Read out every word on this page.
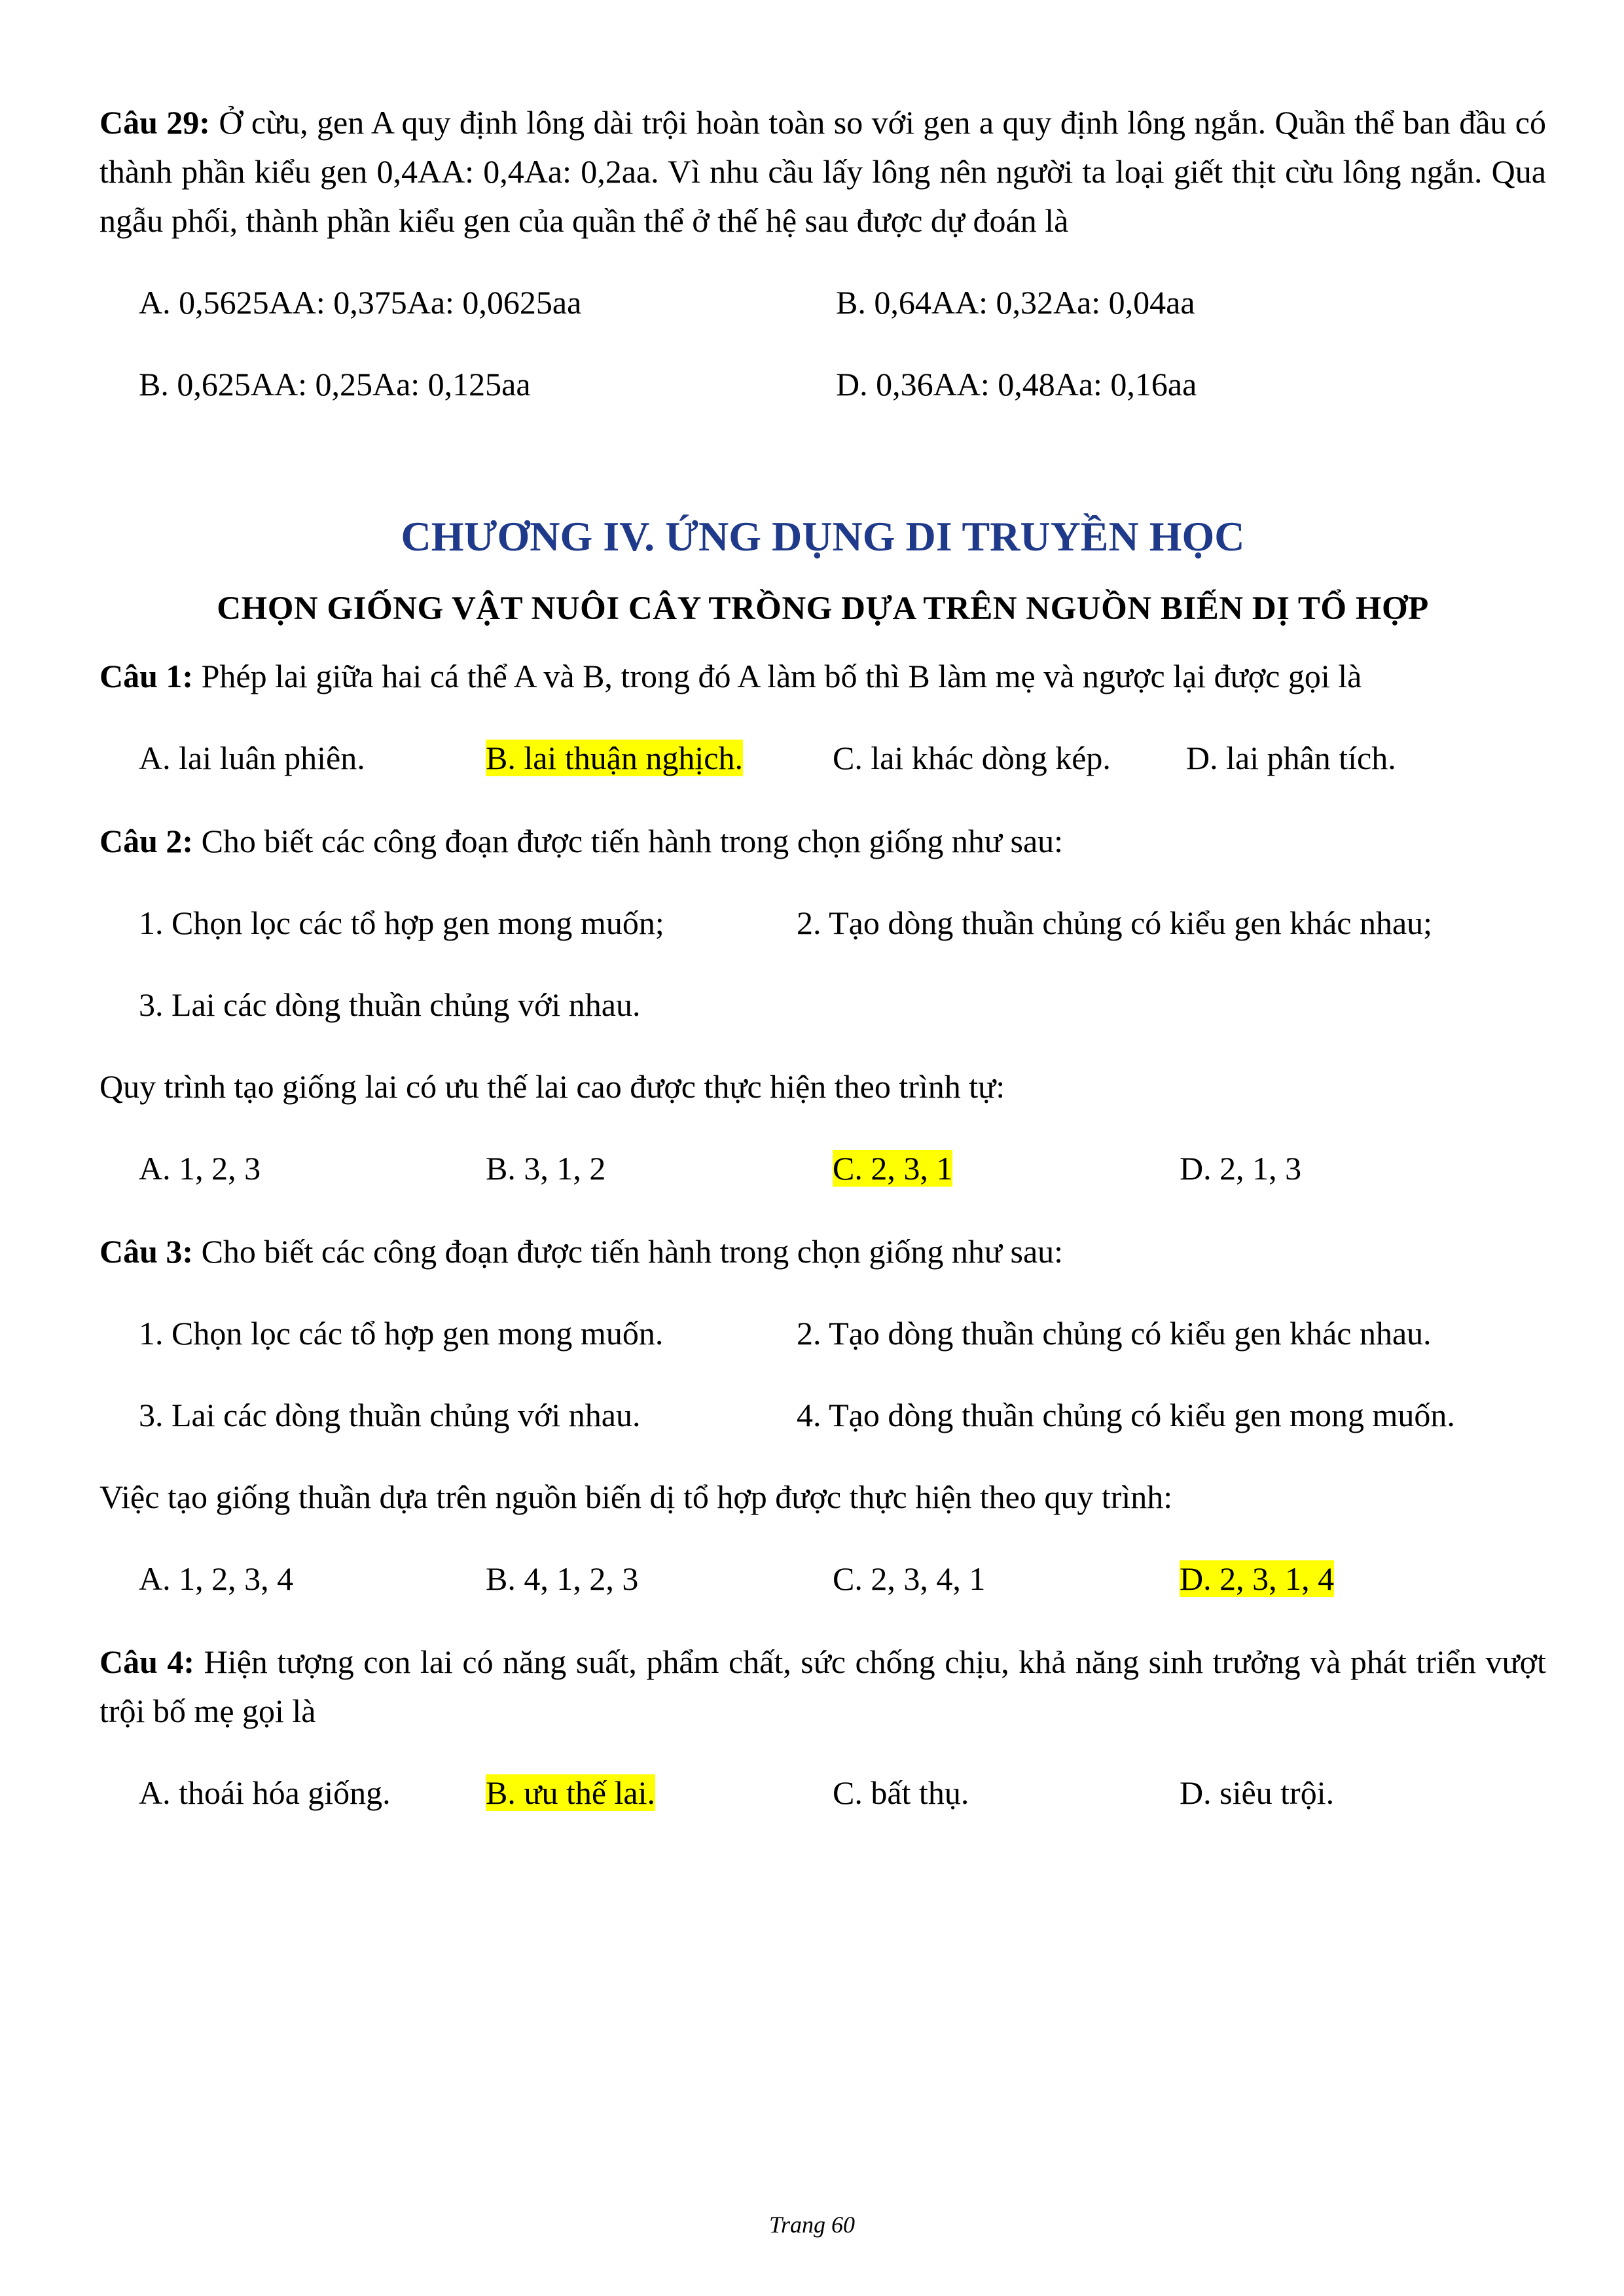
Câu 29: Ở cừu, gen A quy định lông dài trội hoàn toàn so với gen a quy định lông ngắn. Quần thể ban đầu có thành phần kiểu gen 0,4AA: 0,4Aa: 0,2aa. Vì nhu cầu lấy lông nên người ta loại giết thịt cừu lông ngắn. Qua ngẫu phối, thành phần kiểu gen của quần thể ở thế hệ sau được dự đoán là

A. 0,5625AA: 0,375Aa: 0,0625aa	B. 0,64AA: 0,32Aa: 0,04aa
B. 0,625AA: 0,25Aa: 0,125aa	D. 0,36AA: 0,48Aa: 0,16aa
CHƯƠNG IV. ỨNG DỤNG DI TRUYỀN HỌC
CHỌN GIỐNG VẬT NUÔI CÂY TRỒNG DỰA TRÊN NGUỒN BIẾN DỊ TỔ HỢP

Câu 1: Phép lai giữa hai cá thể A và B, trong đó A làm bố thì B làm mẹ và ngược lại được gọi là

A. lai luân phiên.	B. lai thuận nghịch.	C. lai khác dòng kép.	D. lai phân tích.

Câu 2: Cho biết các công đoạn được tiến hành trong chọn giống như sau:

1. Chọn lọc các tổ hợp gen mong muốn;	2. Tạo dòng thuần chủng có kiểu gen khác nhau;

3. Lai các dòng thuần chủng với nhau.

Quy trình tạo giống lai có ưu thế lai cao được thực hiện theo trình tự:

A. 1, 2, 3	B. 3, 1, 2	C. 2, 3, 1	D. 2, 1, 3

Câu 3: Cho biết các công đoạn được tiến hành trong chọn giống như sau:

1. Chọn lọc các tổ hợp gen mong muốn.	2. Tạo dòng thuần chủng có kiểu gen khác nhau.

3. Lai các dòng thuần chủng với nhau.	4. Tạo dòng thuần chủng có kiểu gen mong muốn.

Việc tạo giống thuần dựa trên nguồn biến dị tổ hợp được thực hiện theo quy trình:

A. 1, 2, 3, 4	B. 4, 1, 2, 3	C. 2, 3, 4, 1	D. 2, 3, 1, 4

Câu 4: Hiện tượng con lai có năng suất, phẩm chất, sức chống chịu, khả năng sinh trưởng và phát triển vượt trội bố mẹ gọi là

A. thoái hóa giống.	B. ưu thế lai.	C. bất thụ.	D. siêu trội.
Trang 60
